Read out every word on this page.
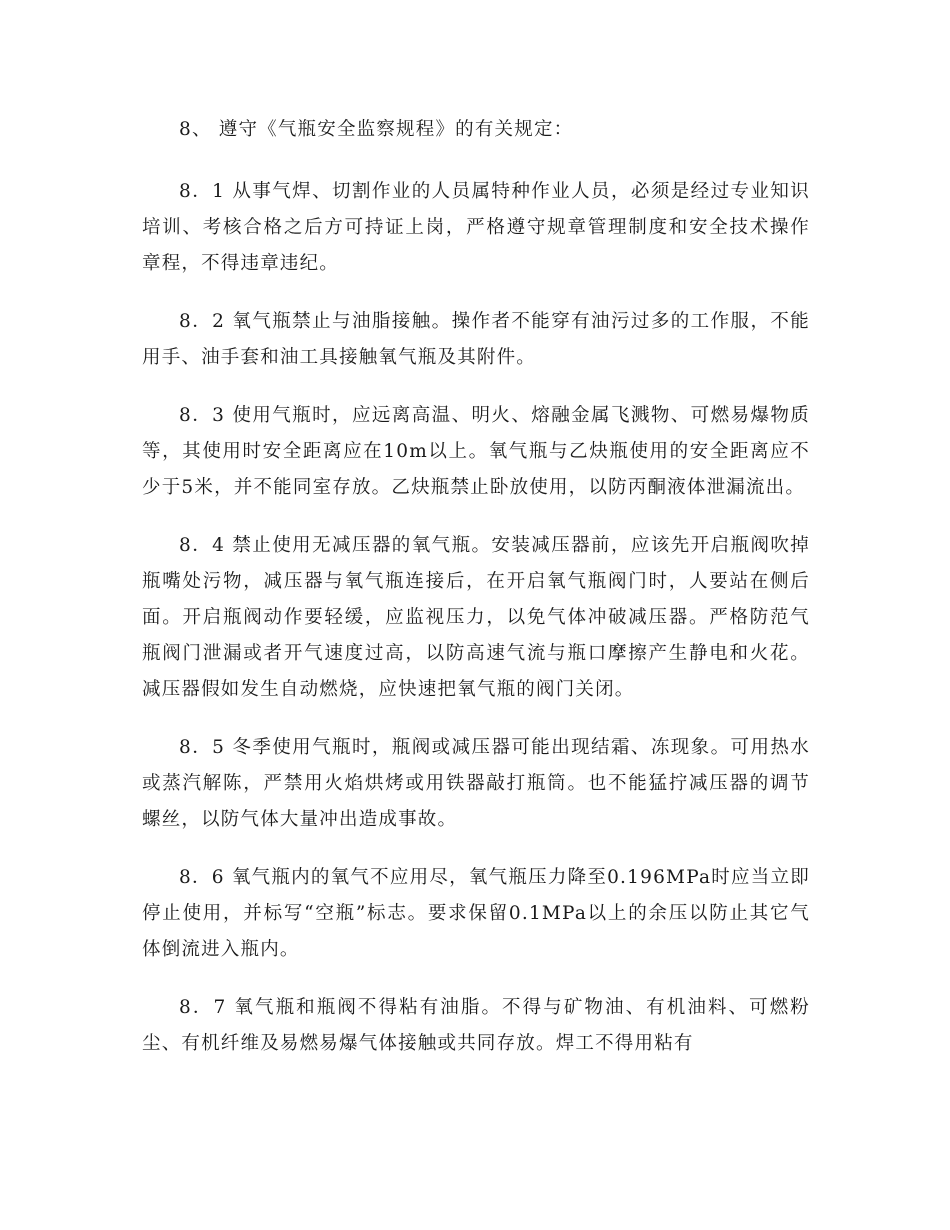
8、 遵守《气瓶安全监察规程》的有关规定：

8．1 从事气焊、切割作业的人员属特种作业人员，必须是经过专业知识培训、考核合格之后方可持证上岗，严格遵守规章管理制度和安全技术操作章程，不得违章违纪。

8．2 氧气瓶禁止与油脂接触。操作者不能穿有油污过多的工作服，不能用手、油手套和油工具接触氧气瓶及其附件。

8．3 使用气瓶时，应远离高温、明火、熔融金属飞溅物、可燃易爆物质等，其使用时安全距离应在10m以上。氧气瓶与乙炔瓶使用的安全距离应不少于5米，并不能同室存放。乙炔瓶禁止卧放使用，以防丙酮液体泄漏流出。

8．4 禁止使用无减压器的氧气瓶。安装减压器前，应该先开启瓶阀吹掉瓶嘴处污物，减压器与氧气瓶连接后，在开启氧气瓶阀门时，人要站在侧后面。开启瓶阀动作要轻缓，应监视压力，以免气体冲破减压器。严格防范气瓶阀门泄漏或者开气速度过高，以防高速气流与瓶口摩擦产生静电和火花。减压器假如发生自动燃烧，应快速把氧气瓶的阀门关闭。

8．5 冬季使用气瓶时，瓶阀或减压器可能出现结霜、冻现象。可用热水或蒸汽解陈，严禁用火焰烘烤或用铁器敲打瓶筒。也不能猛拧减压器的调节螺丝，以防气体大量冲出造成事故。

8．6 氧气瓶内的氧气不应用尽，氧气瓶压力降至0.196MPa时应当立即停止使用，并标写“空瓶”标志。要求保留0.1MPa以上的余压以防止其它气体倒流进入瓶内。

8．7 氧气瓶和瓶阀不得粘有油脂。不得与矿物油、有机油料、可燃粉尘、有机纤维及易燃易爆气体接触或共同存放。焊工不得用粘有
